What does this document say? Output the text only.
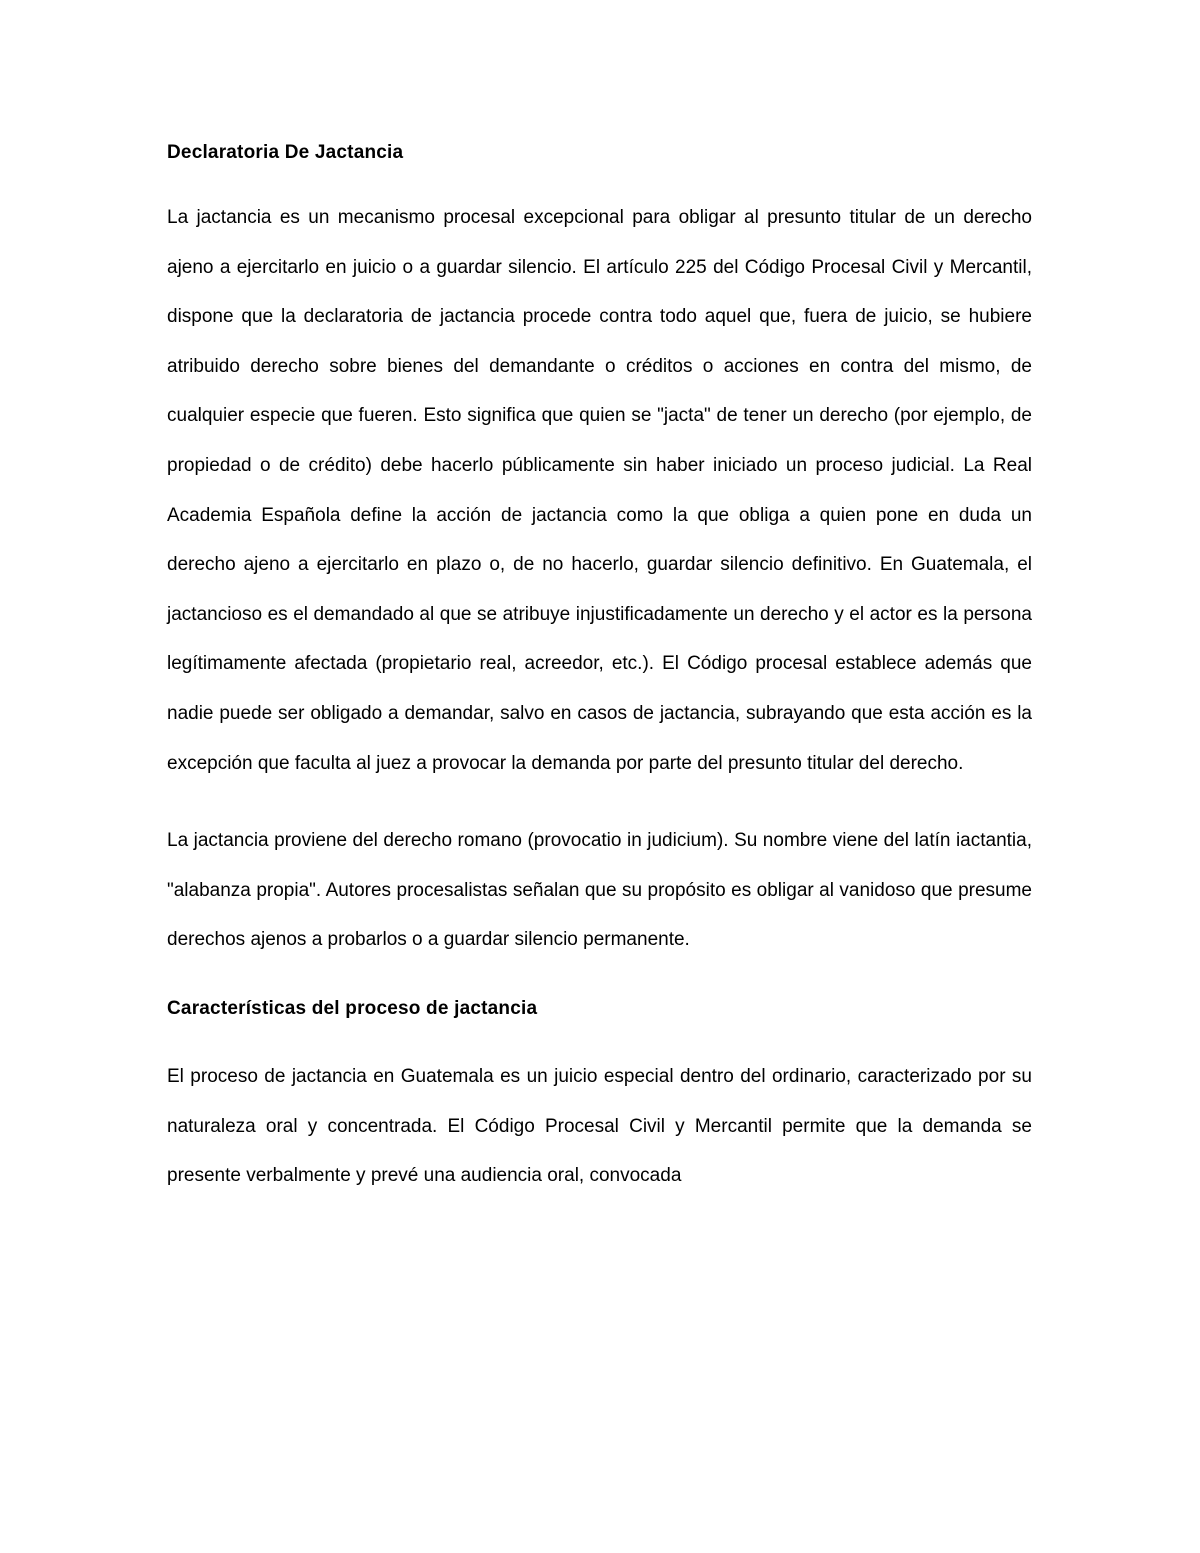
Declaratoria De Jactancia

La jactancia es un mecanismo procesal excepcional para obligar al presunto titular de un derecho ajeno a ejercitarlo en juicio o a guardar silencio. El artículo 225 del Código Procesal Civil y Mercantil, dispone que la declaratoria de jactancia procede contra todo aquel que, fuera de juicio, se hubiere atribuido derecho sobre bienes del demandante o créditos o acciones en contra del mismo, de cualquier especie que fueren. Esto significa que quien se "jacta" de tener un derecho (por ejemplo, de propiedad o de crédito) debe hacerlo públicamente sin haber iniciado un proceso judicial. La Real Academia Española define la acción de jactancia como la que obliga a quien pone en duda un derecho ajeno a ejercitarlo en plazo o, de no hacerlo, guardar silencio definitivo. En Guatemala, el jactancioso es el demandado al que se atribuye injustificadamente un derecho y el actor es la persona legítimamente afectada (propietario real, acreedor, etc.). El Código procesal establece además que nadie puede ser obligado a demandar, salvo en casos de jactancia, subrayando que esta acción es la excepción que faculta al juez a provocar la demanda por parte del presunto titular del derecho.

La jactancia proviene del derecho romano (provocatio in judicium). Su nombre viene del latín iactantia, "alabanza propia". Autores procesalistas señalan que su propósito es obligar al vanidoso que presume derechos ajenos a probarlos o a guardar silencio permanente.

Características del proceso de jactancia

El proceso de jactancia en Guatemala es un juicio especial dentro del ordinario, caracterizado por su naturaleza oral y concentrada. El Código Procesal Civil y Mercantil permite que la demanda se presente verbalmente y prevé una audiencia oral, convocada
